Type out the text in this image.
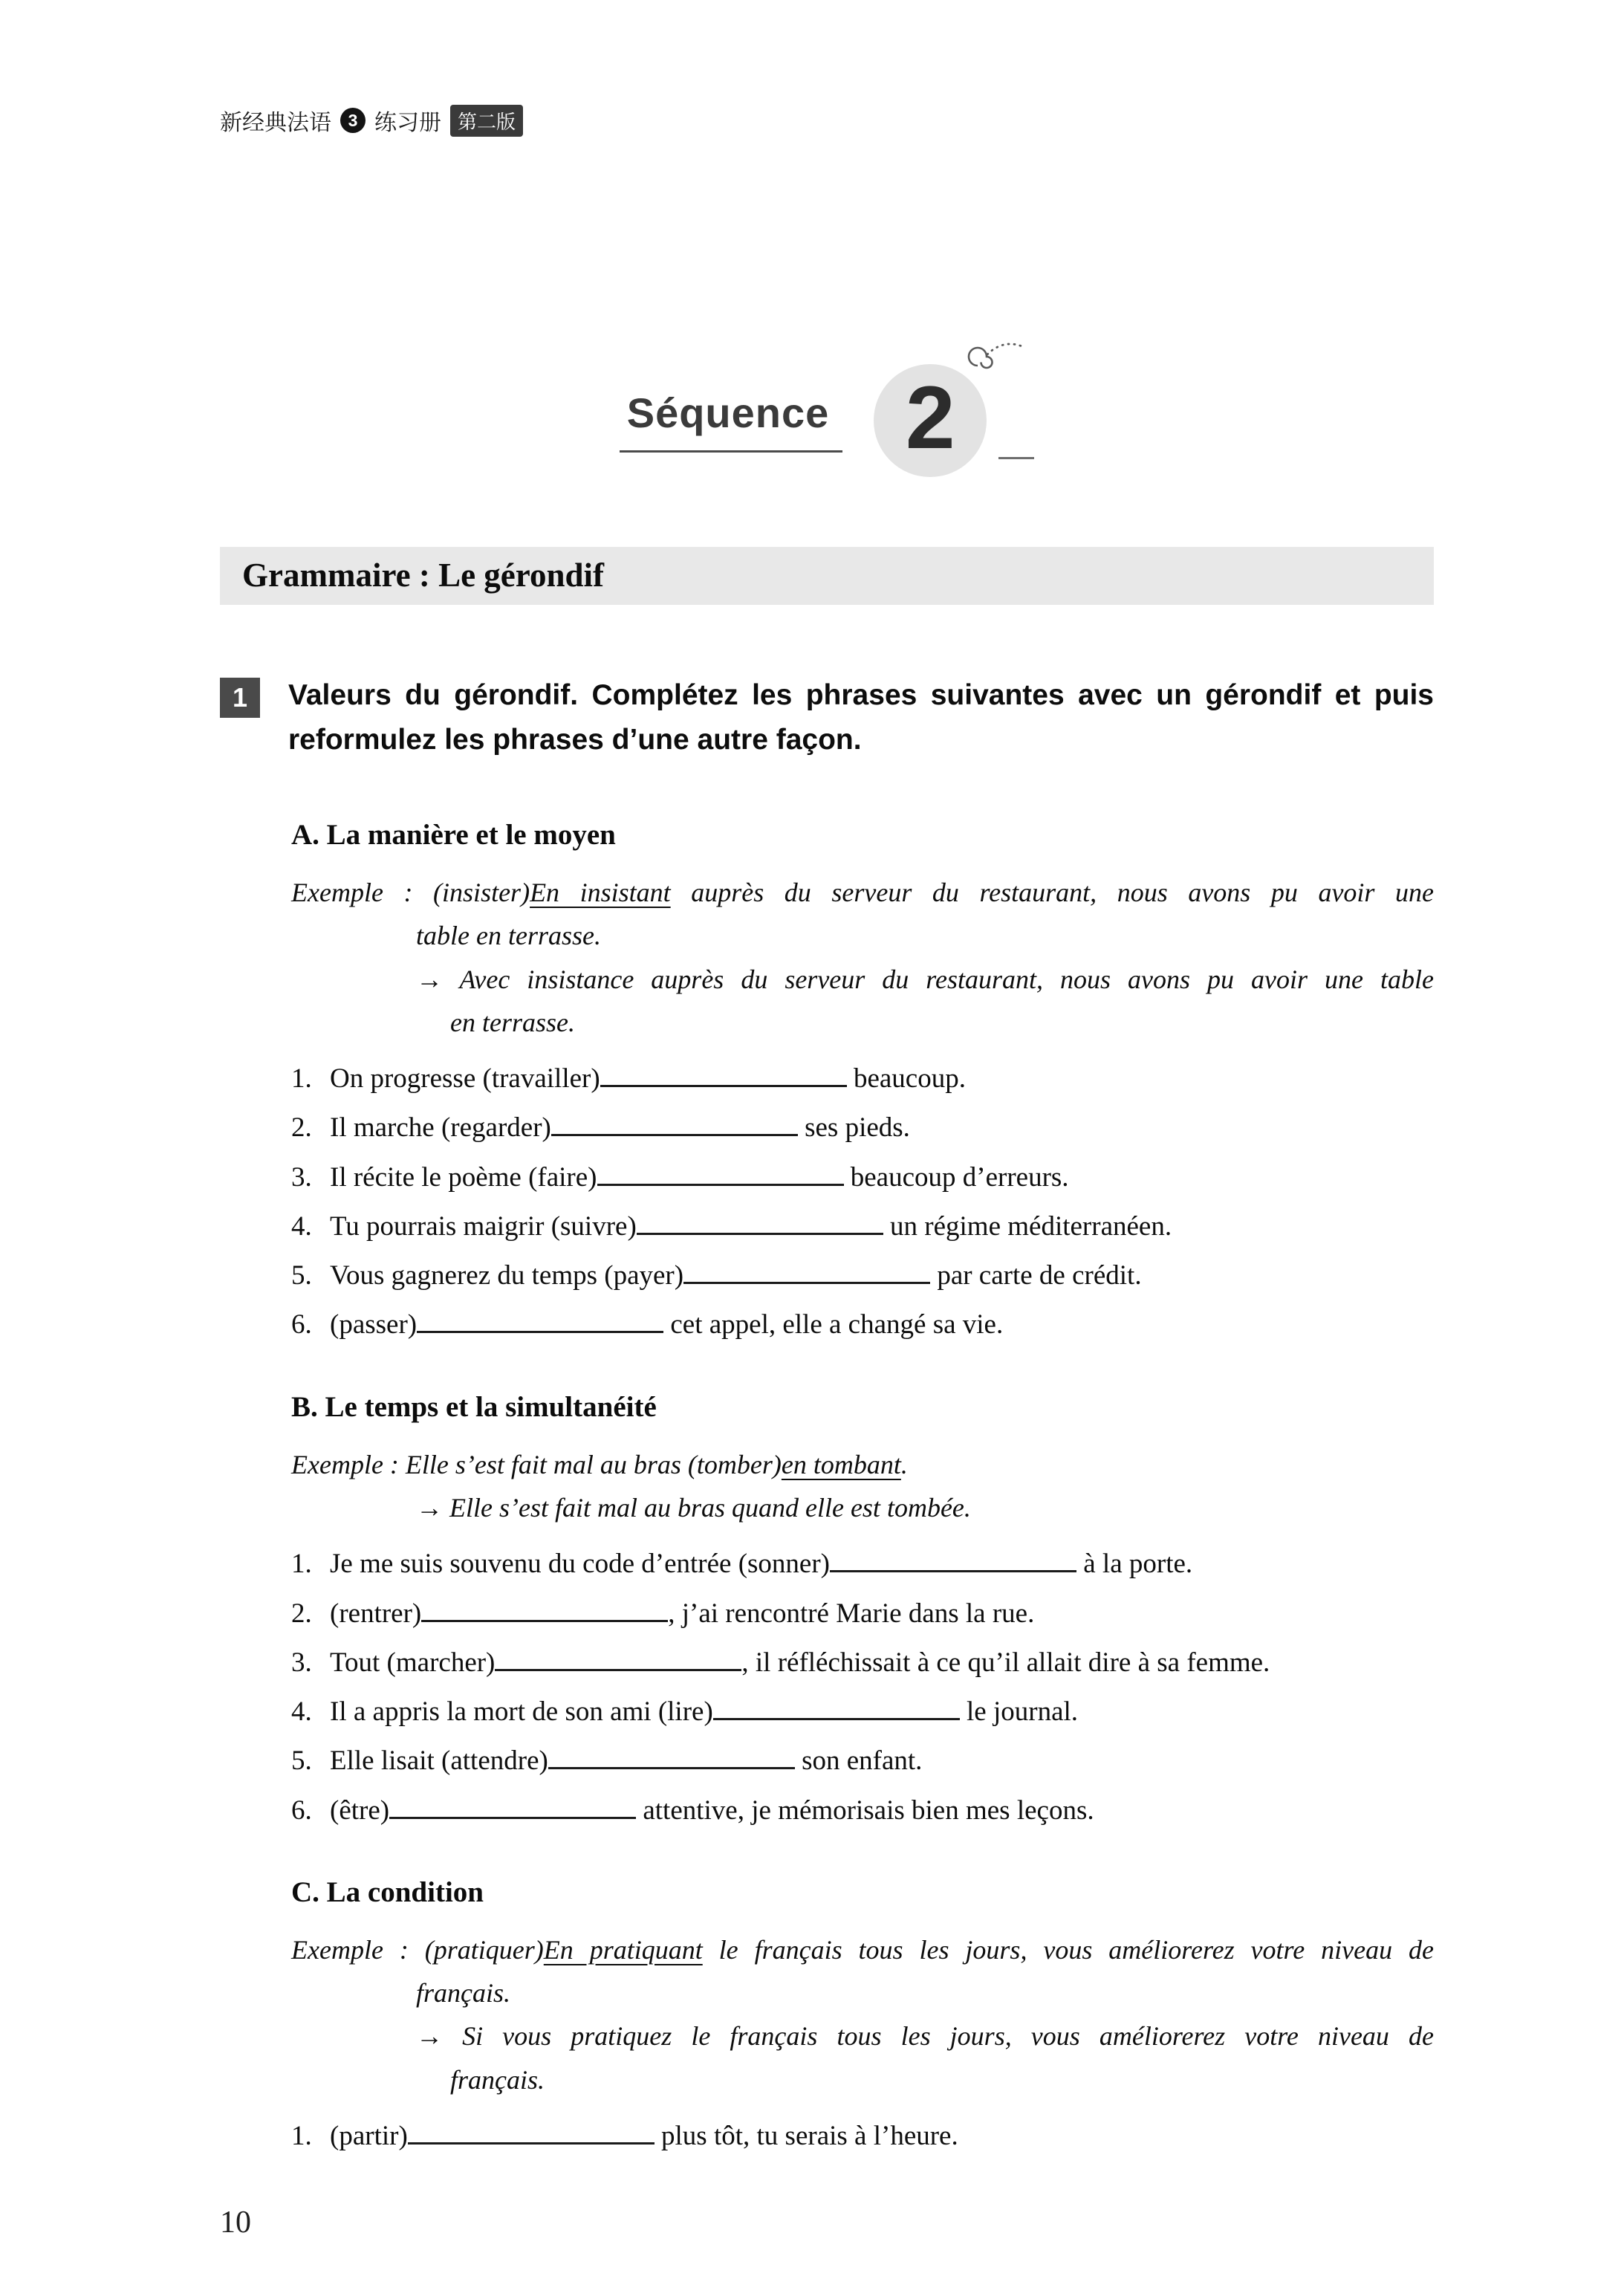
新经典法语 3 练习册 第二版
Séquence 2
Grammaire : Le gérondif
1	Valeurs du gérondif. Complétez les phrases suivantes avec un gérondif et puis reformulez les phrases d’une autre façon.

A. La manière et le moyen
Exemple : (insister)En insistant auprès du serveur du restaurant, nous avons pu avoir une
table en terrasse.
→ Avec insistance auprès du serveur du restaurant, nous avons pu avoir une table
en terrasse.
1. On progresse (travailler)	beaucoup.
2. Il marche (regarder)	ses pieds.
3. Il récite le poème (faire)	beaucoup d’erreurs.
4. Tu pourrais maigrir (suivre)	un régime méditerranéen.
5. Vous gagnerez du temps (payer)	par carte de crédit.
6. (passer)	cet appel, elle a changé sa vie.
B. Le temps et la simultanéité
Exemple : Elle s’est fait mal au bras (tomber)en tombant.
→ Elle s’est fait mal au bras quand elle est tombée.
1. Je me suis souvenu du code d’entrée (sonner)	à la porte.
2. (rentrer)	, j’ai rencontré Marie dans la rue.
3. Tout (marcher)	, il réfléchissait à ce qu’il allait dire à sa femme.
4. Il a appris la mort de son ami (lire)	le journal.
5. Elle lisait (attendre)	son enfant.
6. (être)	attentive, je mémorisais bien mes leçons.
C. La condition
Exemple : (pratiquer)En pratiquant le français tous les jours, vous améliorerez votre niveau de
français.
→ Si vous pratiquez le français tous les jours, vous améliorerez votre niveau de
français.
1. (partir)	plus tôt, tu serais à l’heure.
10
